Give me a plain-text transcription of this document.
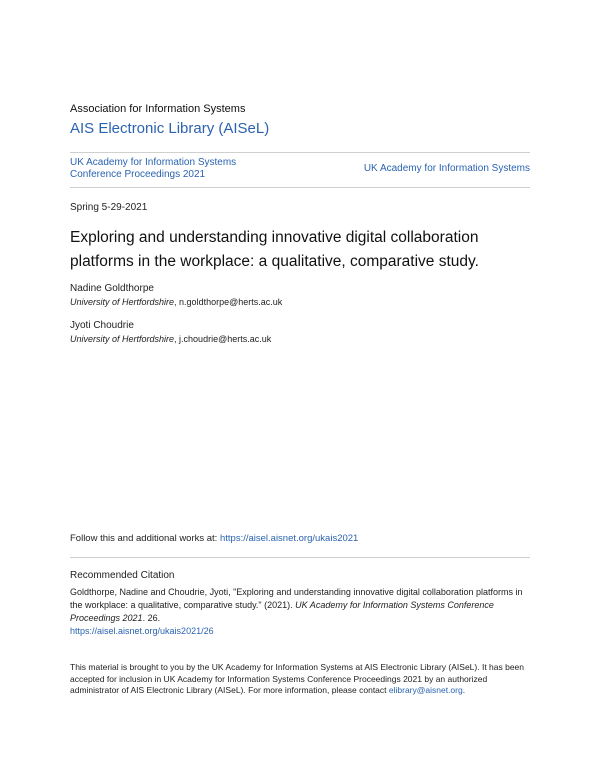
Association for Information Systems
AIS Electronic Library (AISeL)
UK Academy for Information Systems Conference Proceedings 2021	UK Academy for Information Systems
Spring 5-29-2021
Exploring and understanding innovative digital collaboration platforms in the workplace: a qualitative, comparative study.
Nadine Goldthorpe
University of Hertfordshire, n.goldthorpe@herts.ac.uk
Jyoti Choudrie
University of Hertfordshire, j.choudrie@herts.ac.uk
Follow this and additional works at: https://aisel.aisnet.org/ukais2021
Recommended Citation
Goldthorpe, Nadine and Choudrie, Jyoti, "Exploring and understanding innovative digital collaboration platforms in the workplace: a qualitative, comparative study." (2021). UK Academy for Information Systems Conference Proceedings 2021. 26.
https://aisel.aisnet.org/ukais2021/26
This material is brought to you by the UK Academy for Information Systems at AIS Electronic Library (AISeL). It has been accepted for inclusion in UK Academy for Information Systems Conference Proceedings 2021 by an authorized administrator of AIS Electronic Library (AISeL). For more information, please contact elibrary@aisnet.org.
